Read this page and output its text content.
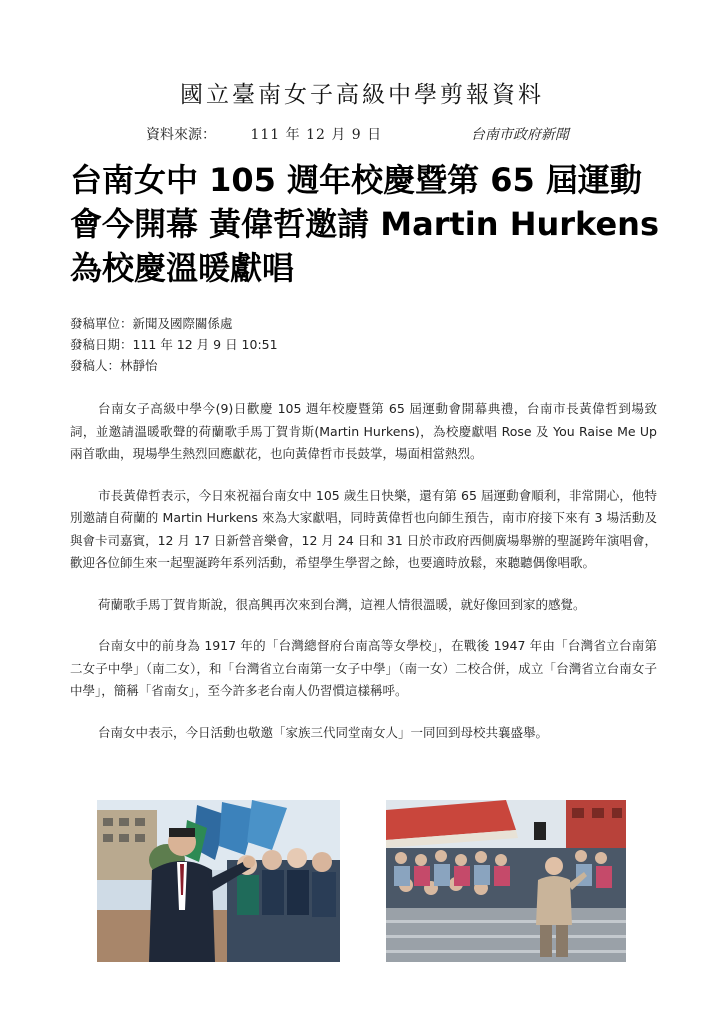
國立臺南女子高級中學剪報資料
資料來源： 111 年 12 月 9 日	台南市政府新聞
台南女中 105 週年校慶暨第 65 屆運動會今開幕 黃偉哲邀請 Martin Hurkens 為校慶溫暖獻唱
發稿單位：新聞及國際關係處
發稿日期：111 年 12 月 9 日 10:51
發稿人：林靜怡

台南女子高級中學今(9)日歡慶 105 週年校慶暨第 65 屆運動會開幕典禮，台南市長黃偉哲到場致詞，並邀請溫暖歌聲的荷蘭歌手馬丁賀肯斯(Martin Hurkens)，為校慶獻唱 Rose 及 You Raise Me Up 兩首歌曲，現場學生熱烈回應獻花，也向黃偉哲市長鼓掌，場面相當熱烈。

市長黃偉哲表示，今日來祝福台南女中 105 歲生日快樂，還有第 65 屆運動會順利，非常開心，他特別邀請自荷蘭的 Martin Hurkens 來為大家獻唱，同時黃偉哲也向師生預告，南市府接下來有 3 場活動及與會卡司嘉賓，12 月 17 日新營音樂會，12 月 24 日和 31 日於市政府西側廣場舉辦的聖誕跨年演唱會，歡迎各位師生來一起聖誕跨年系列活動，希望學生學習之餘，也要適時放鬆，來聽聽偶像唱歌。

荷蘭歌手馬丁賀肯斯說，很高興再次來到台灣，這裡人情很溫暖，就好像回到家的感覺。

台南女中的前身為 1917 年的「台灣總督府台南高等女學校」，在戰後 1947 年由「台灣省立台南第二女子中學」（南二女），和「台灣省立台南第一女子中學」（南一女）二校合併，成立「台灣省立台南女子中學」，簡稱「省南女」，至今許多老台南人仍習慣這樣稱呼。

台南女中表示，今日活動也敬邀「家族三代同堂南女人」一同回到母校共襄盛舉。
